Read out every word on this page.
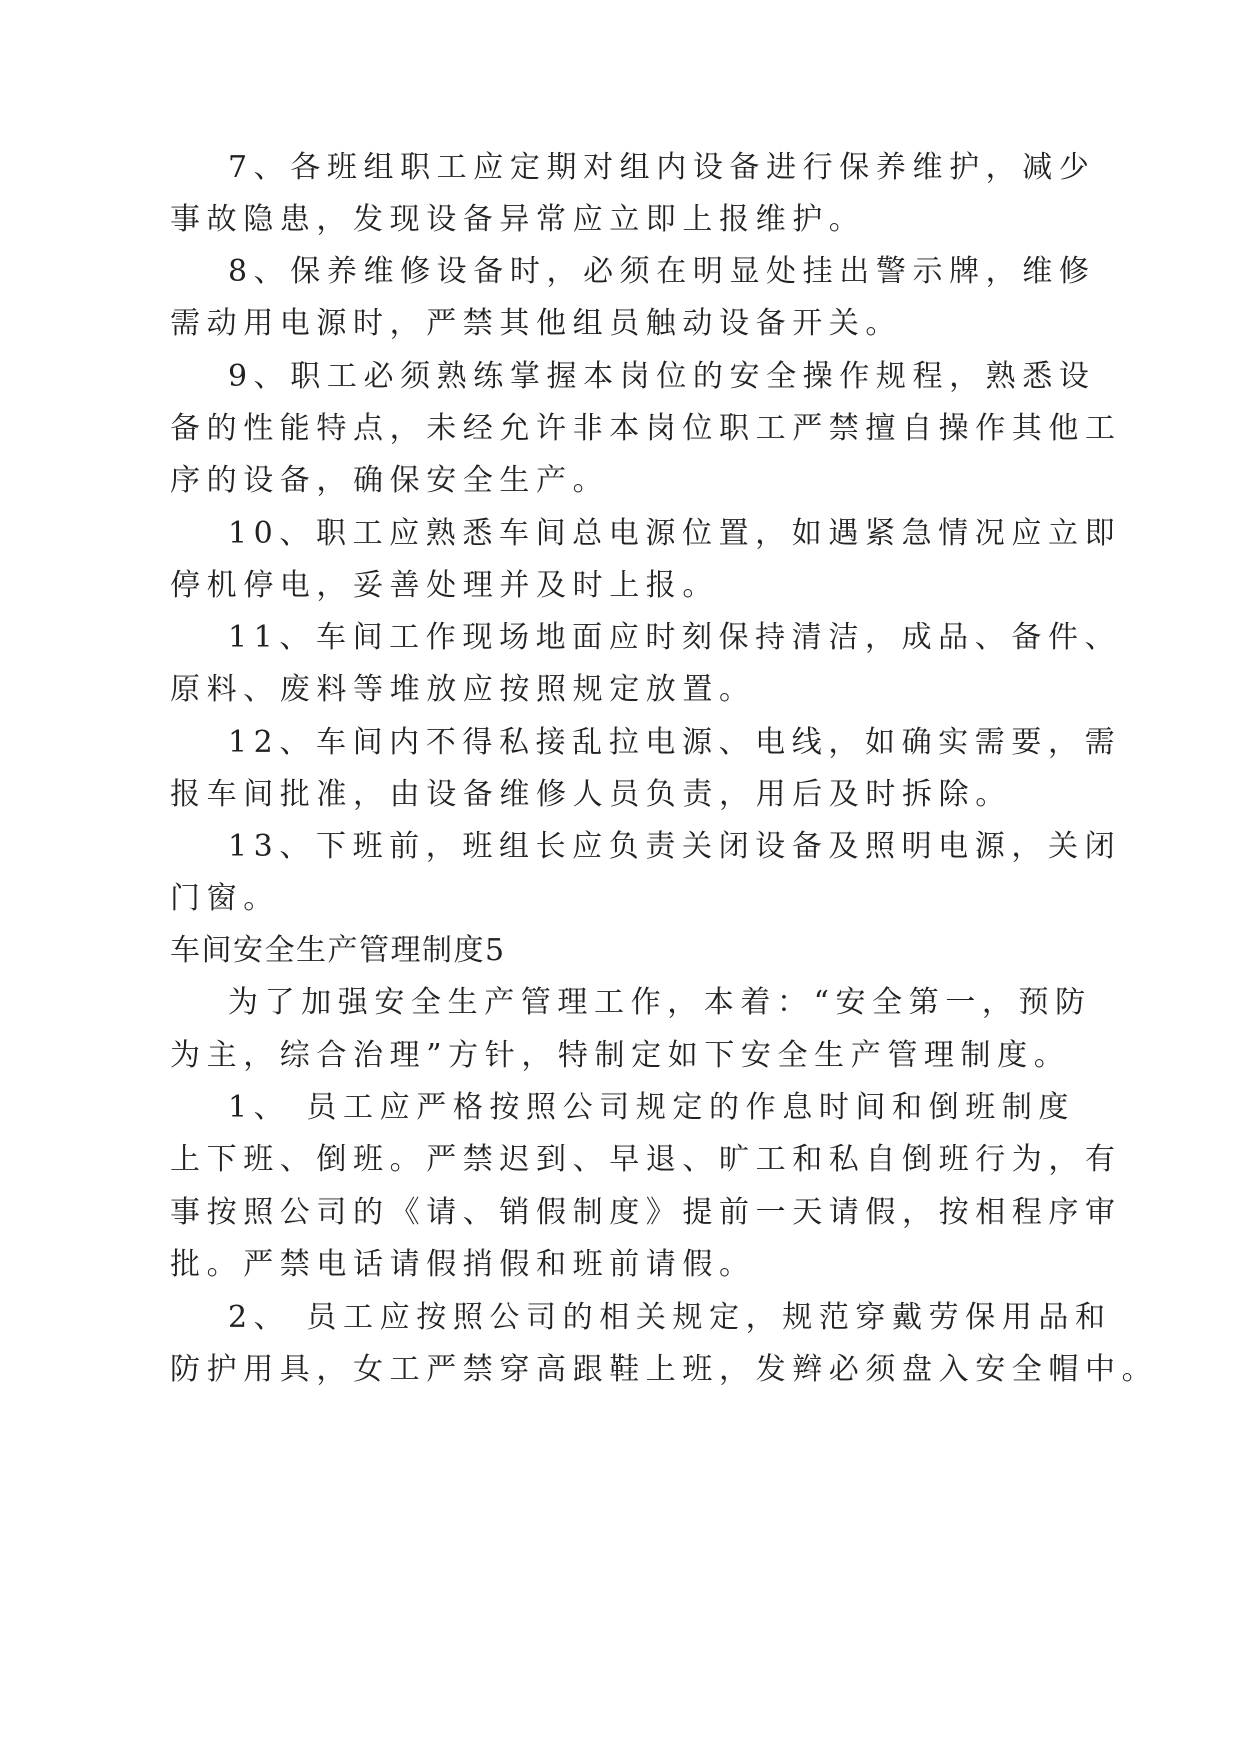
7、各班组职工应定期对组内设备进行保养维护，减少
事故隐患，发现设备异常应立即上报维护。
8、保养维修设备时，必须在明显处挂出警示牌，维修
需动用电源时，严禁其他组员触动设备开关。
9、职工必须熟练掌握本岗位的安全操作规程，熟悉设
备的性能特点，未经允许非本岗位职工严禁擅自操作其他工
序的设备，确保安全生产。
10、职工应熟悉车间总电源位置，如遇紧急情况应立即
停机停电，妥善处理并及时上报。
11、车间工作现场地面应时刻保持清洁，成品、备件、
原料、废料等堆放应按照规定放置。
12、车间内不得私接乱拉电源、电线，如确实需要，需
报车间批准，由设备维修人员负责，用后及时拆除。
13、下班前，班组长应负责关闭设备及照明电源，关闭
门窗。
车间安全生产管理制度5
为了加强安全生产管理工作，本着：“安全第一，预防
为主，综合治理”方针，特制定如下安全生产管理制度。
1、 员工应严格按照公司规定的作息时间和倒班制度
上下班、倒班。严禁迟到、早退、旷工和私自倒班行为，有
事按照公司的《请、销假制度》提前一天请假，按相程序审
批。严禁电话请假捎假和班前请假。
2、 员工应按照公司的相关规定，规范穿戴劳保用品和
防护用具，女工严禁穿高跟鞋上班，发辫必须盘入安全帽中。
